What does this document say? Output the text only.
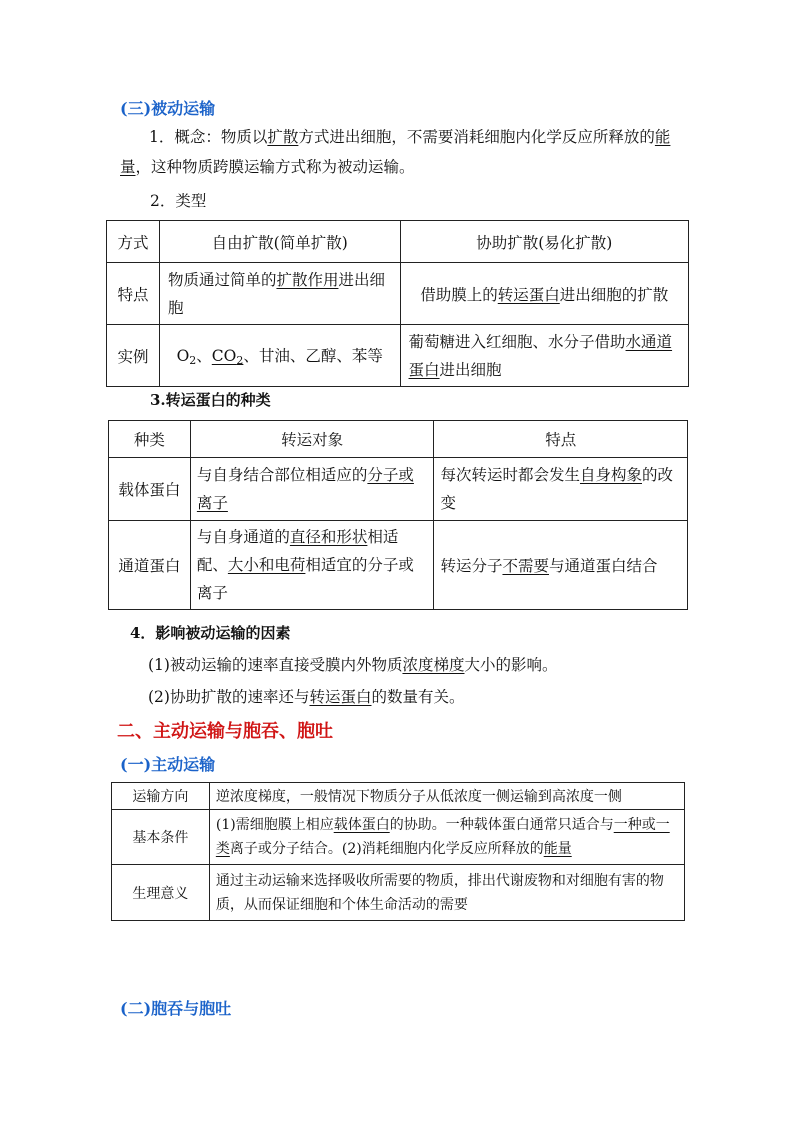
(三)被动运输
1．概念：物质以扩散方式进出细胞，不需要消耗细胞内化学反应所释放的能量，这种物质跨膜运输方式称为被动运输。
2．类型
方式	自由扩散(简单扩散)	协助扩散(易化扩散)
特点	物质通过简单的扩散作用进出细胞	借助膜上的转运蛋白进出细胞的扩散
实例	$O_2$、$CO_2$、甘油、乙醇、苯等	葡萄糖进入红细胞、水分子借助水通道蛋白进出细胞
3.转运蛋白的种类
种类	转运对象	特点
载体蛋白	与自身结合部位相适应的分子或离子	每次转运时都会发生自身构象的改变
通道蛋白	与自身通道的直径和形状相适配、大小和电荷相适宜的分子或离子	转运分子不需要与通道蛋白结合
4．影响被动运输的因素
(1)被动运输的速率直接受膜内外物质浓度梯度大小的影响。
(2)协助扩散的速率还与转运蛋白的数量有关。
二、主动运输与胞吞、胞吐
(一)主动运输
运输方向	逆浓度梯度，一般情况下物质分子从低浓度一侧运输到高浓度一侧
基本条件	(1)需细胞膜上相应载体蛋白的协助。一种载体蛋白通常只适合与一种或一类离子或分子结合。(2)消耗细胞内化学反应所释放的能量
生理意义	通过主动运输来选择吸收所需要的物质，排出代谢废物和对细胞有害的物质，从而保证细胞和个体生命活动的需要
(二)胞吞与胞吐
